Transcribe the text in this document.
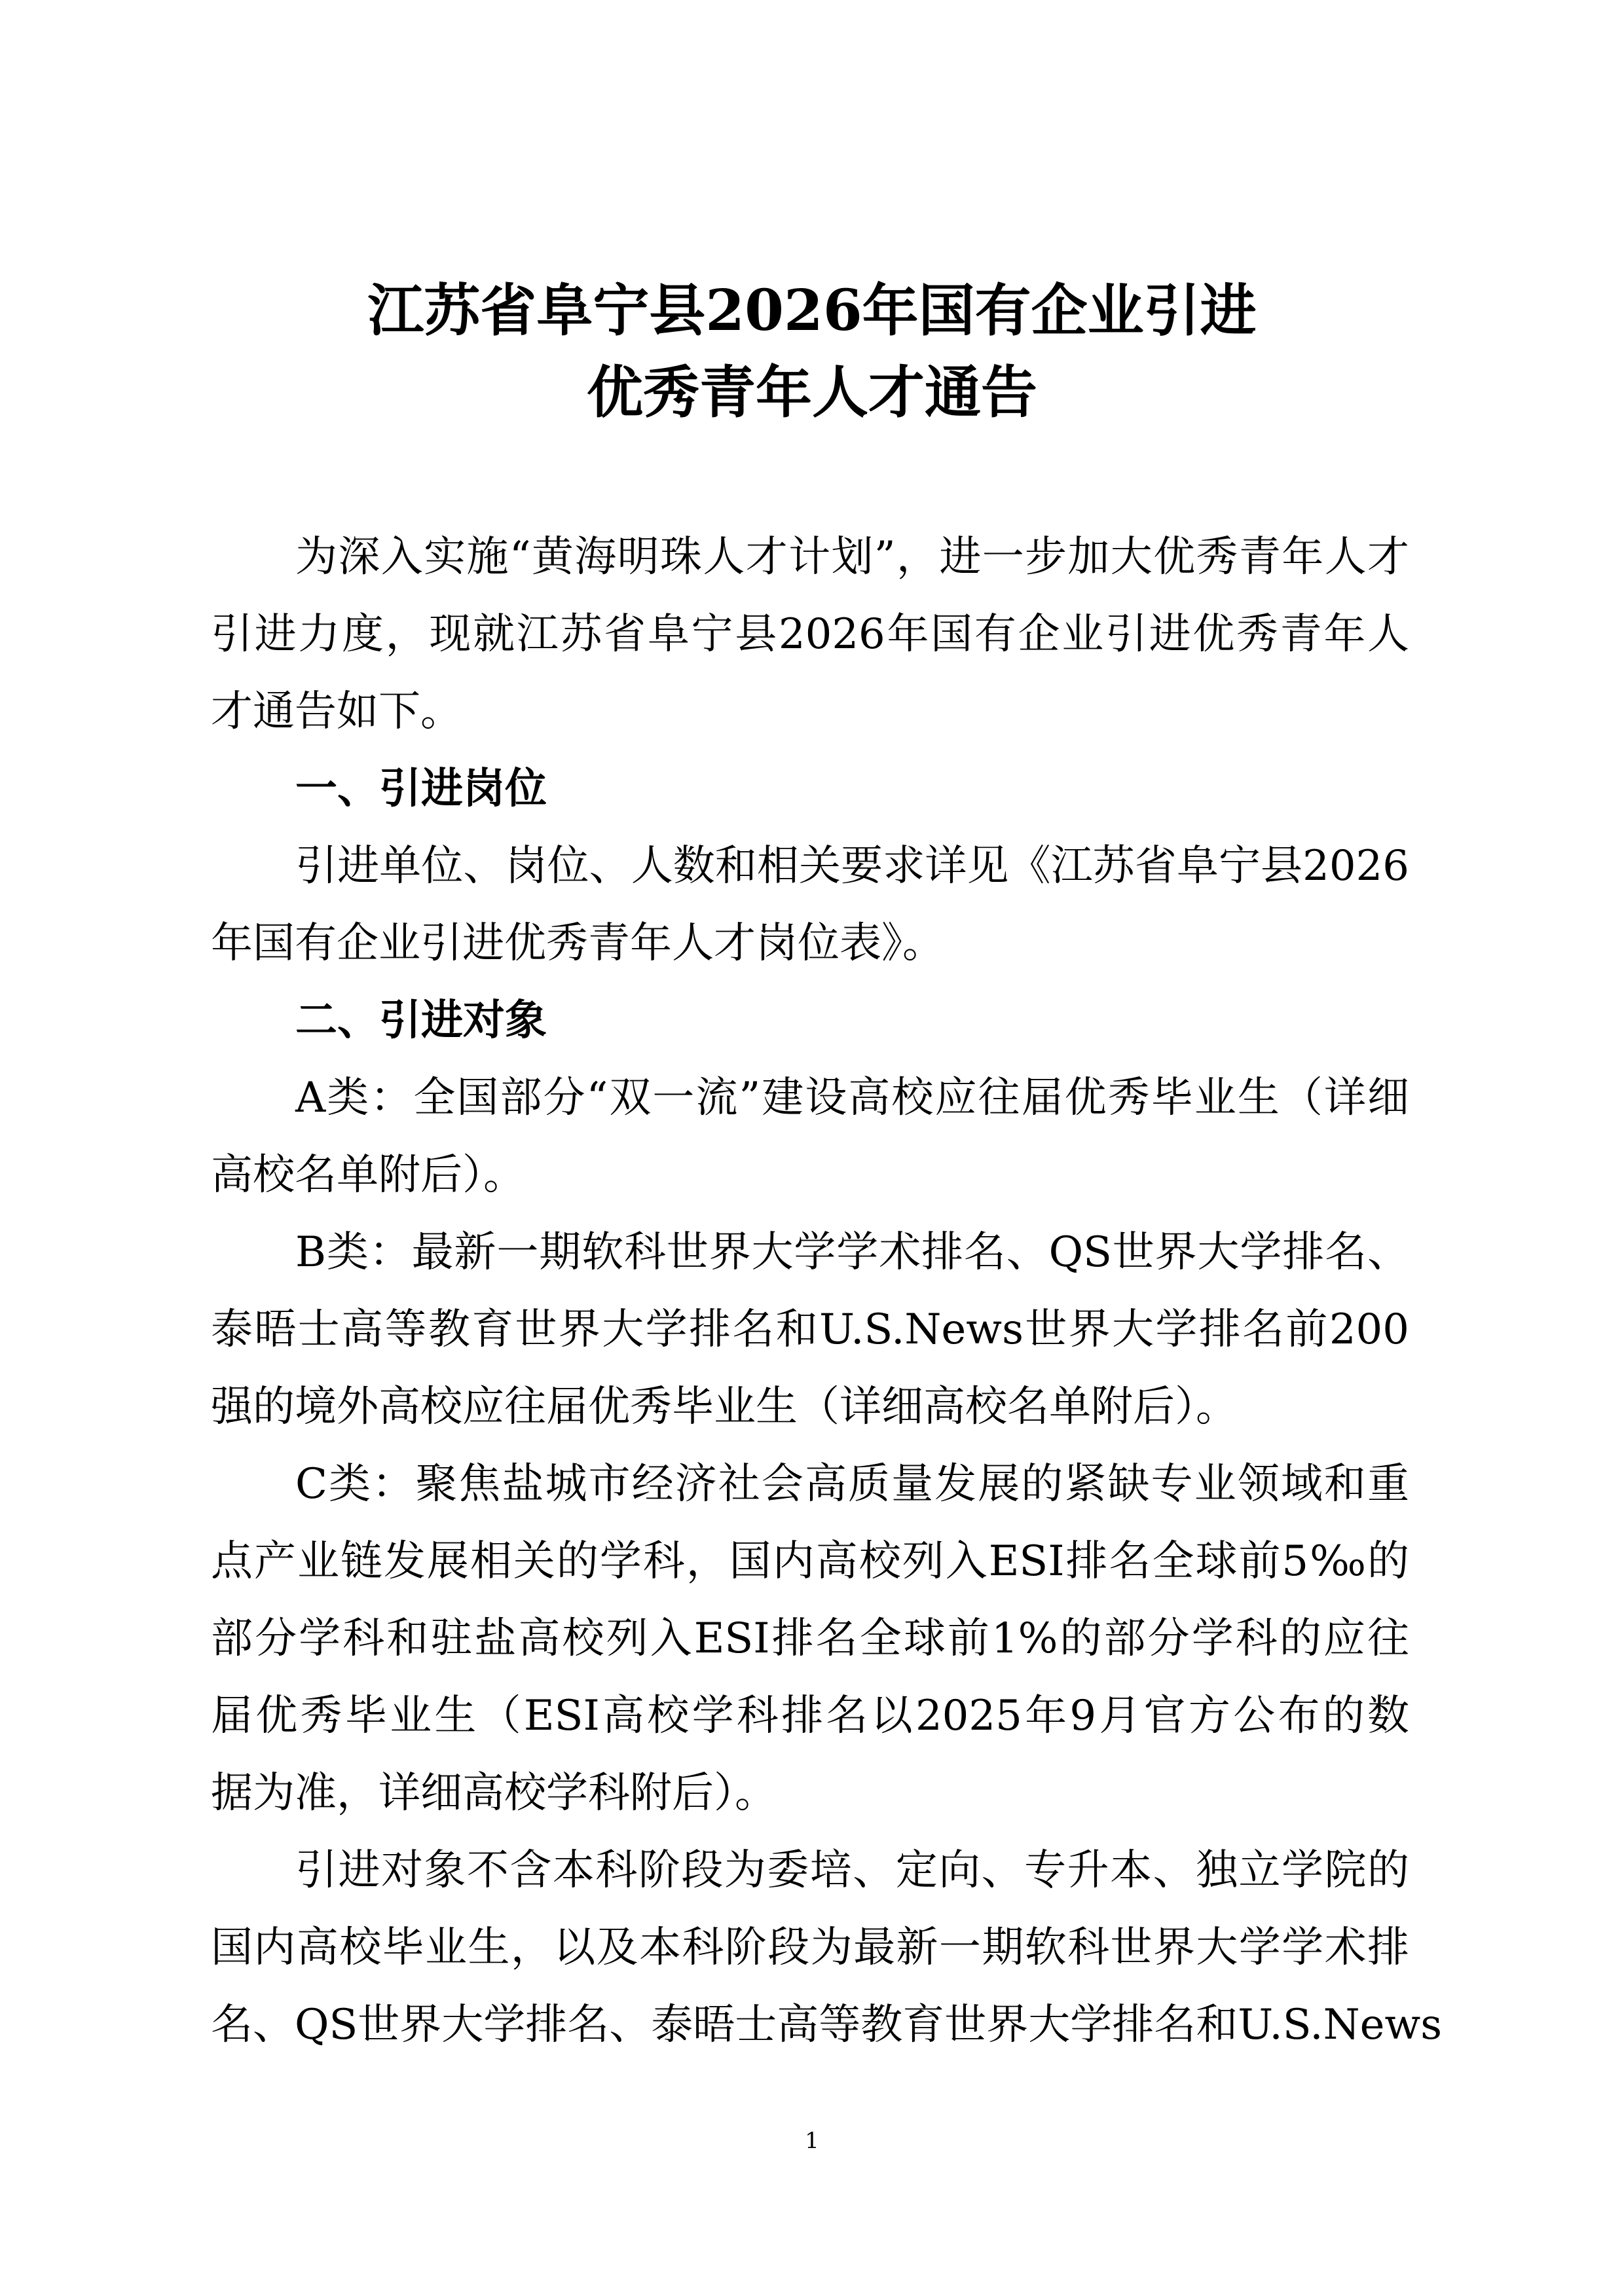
江苏省阜宁县2026年国有企业引进
优秀青年人才通告

为深入实施“黄海明珠人才计划”，进一步加大优秀青年人才

引进力度，现就江苏省阜宁县2026年国有企业引进优秀青年人

才通告如下。

一、引进岗位

引进单位、岗位、人数和相关要求详见《江苏省阜宁县2026

年国有企业引进优秀青年人才岗位表》。

二、引进对象

A类：全国部分“双一流”建设高校应往届优秀毕业生（详细

高校名单附后）。

B类：最新一期软科世界大学学术排名、QS世界大学排名、

泰晤士高等教育世界大学排名和U.S.News世界大学排名前200

强的境外高校应往届优秀毕业生（详细高校名单附后）。

C类：聚焦盐城市经济社会高质量发展的紧缺专业领域和重

点产业链发展相关的学科，国内高校列入ESI排名全球前5‰的

部分学科和驻盐高校列入ESI排名全球前1%的部分学科的应往

届优秀毕业生（ESI高校学科排名以2025年9月官方公布的数

据为准，详细高校学科附后）。

引进对象不含本科阶段为委培、定向、专升本、独立学院的

国内高校毕业生，以及本科阶段为最新一期软科世界大学学术排

名、QS世界大学排名、泰晤士高等教育世界大学排名和U.S.News

1
